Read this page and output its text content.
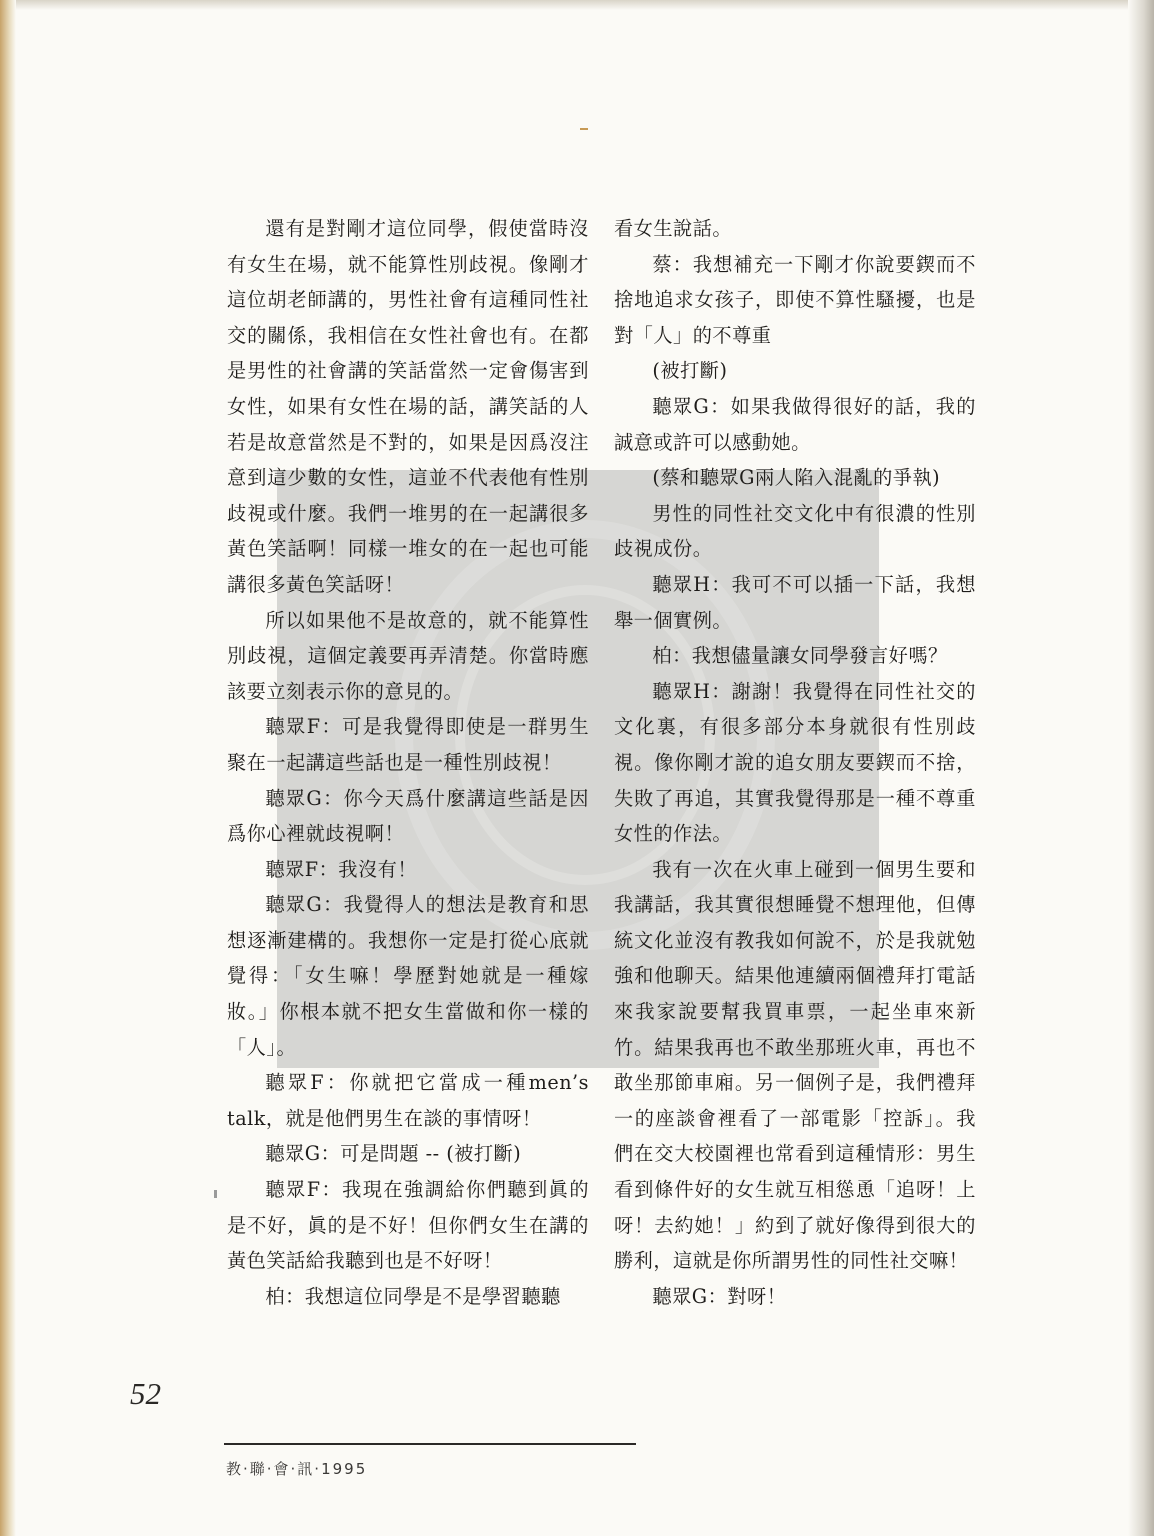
還有是對剛才這位同學，假使當時沒有女生在場，就不能算性別歧視。像剛才這位胡老師講的，男性社會有這種同性社交的關係，我相信在女性社會也有。在都是男性的社會講的笑話當然一定會傷害到女性，如果有女性在場的話，講笑話的人若是故意當然是不對的，如果是因爲沒注意到這少數的女性，這並不代表他有性別歧視或什麼。我們一堆男的在一起講很多黃色笑話啊！同樣一堆女的在一起也可能講很多黃色笑話呀！

所以如果他不是故意的，就不能算性別歧視，這個定義要再弄清楚。你當時應該要立刻表示你的意見的。

聽眾F：可是我覺得即使是一群男生聚在一起講這些話也是一種性別歧視！

聽眾G：你今天爲什麼講這些話是因爲你心裡就歧視啊！

聽眾F：我沒有！

聽眾G：我覺得人的想法是教育和思想逐漸建構的。我想你一定是打從心底就覺得：「女生嘛！學歷對她就是一種嫁妝。」你根本就不把女生當做和你一樣的「人」。

聽眾F：你就把它當成一種men’s talk，就是他們男生在談的事情呀！

聽眾G：可是問題 -- (被打斷)

聽眾F：我現在強調給你們聽到眞的是不好，眞的是不好！但你們女生在講的黃色笑話給我聽到也是不好呀！

柏：我想這位同學是不是學習聽聽

看女生說話。

蔡：我想補充一下剛才你說要鍥而不捨地追求女孩子，即使不算性騷擾，也是對「人」的不尊重

(被打斷)

聽眾G：如果我做得很好的話，我的誠意或許可以感動她。

(蔡和聽眾G兩人陷入混亂的爭執)

男性的同性社交文化中有很濃的性別歧視成份。

聽眾H：我可不可以插一下話，我想舉一個實例。

柏：我想儘量讓女同學發言好嗎？

聽眾H：謝謝！我覺得在同性社交的文化裏，有很多部分本身就很有性別歧視。像你剛才說的追女朋友要鍥而不捨，失敗了再追，其實我覺得那是一種不尊重女性的作法。

我有一次在火車上碰到一個男生要和我講話，我其實很想睡覺不想理他，但傳統文化並沒有教我如何說不，於是我就勉強和他聊天。結果他連續兩個禮拜打電話來我家說要幫我買車票，一起坐車來新竹。結果我再也不敢坐那班火車，再也不敢坐那節車廂。另一個例子是，我們禮拜一的座談會裡看了一部電影「控訴」。我們在交大校園裡也常看到這種情形：男生看到條件好的女生就互相慫恿「追呀！上呀！去約她！」約到了就好像得到很大的勝利，這就是你所謂男性的同性社交嘛！

聽眾G：對呀！

52
教·聯·會·訊·1995
